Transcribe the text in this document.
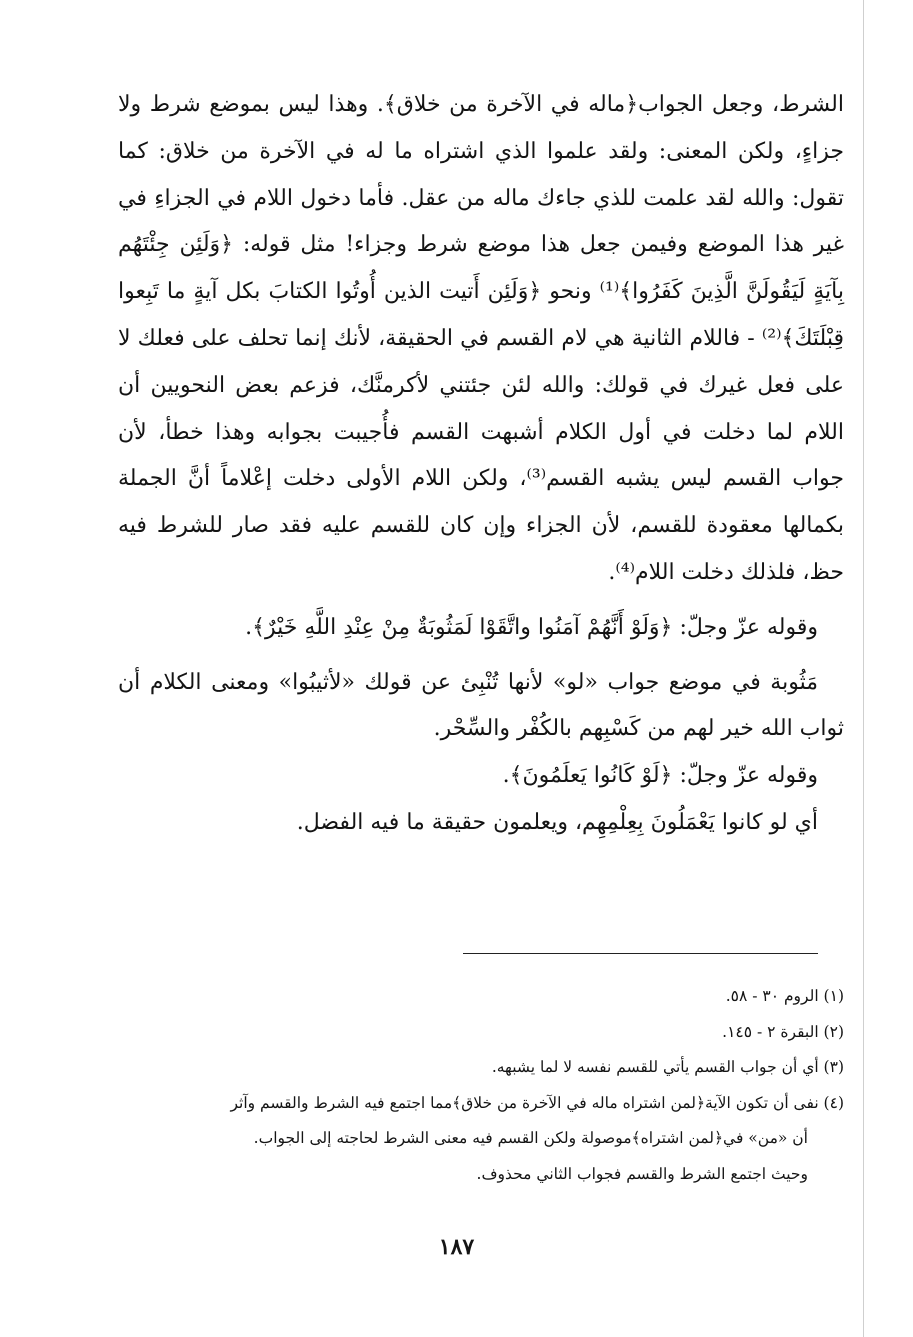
الشرط، وجعل الجواب﴿ماله في الآخرة من خلاق﴾. وهذا ليس بموضع شرط ولا جزاءٍ، ولكن المعنى: ولقد علموا الذي اشتراه ما له في الآخرة من خلاق: كما تقول: والله لقد علمت للذي جاءك ماله من عقل. فأما دخول اللام في الجزاءِ في غير هذا الموضع وفيمن جعل هذا موضع شرط وجزاء! مثل قوله: ﴿وَلَئِن جِئْتَهُم بِآيَةٍ لَيَقُولَنَّ الَّذِينَ كَفَرُوا﴾⁽¹⁾ ونحو ﴿وَلَئِن أَتيت الذين أُوتُوا الكتابَ بكل آيةٍ ما تَبِعوا قِبْلَتَكَ﴾⁽²⁾ - فاللام الثانية هي لام القسم في الحقيقة، لأنك إنما تحلف على فعلك لا على فعل غيرك في قولك: والله لئن جئتني لأكرمنَّك، فزعم بعض النحويين أن اللام لما دخلت في أول الكلام أشبهت القسم فأُجيبت بجوابه وهذا خطأ، لأن جواب القسم ليس يشبه القسم⁽³⁾، ولكن اللام الأولى دخلت إعْلاماً أنَّ الجملة بكمالها معقودة للقسم، لأن الجزاء وإن كان للقسم عليه فقد صار للشرط فيه حظ، فلذلك دخلت اللام⁽⁴⁾.

وقوله عزّ وجلّ: ﴿وَلَوْ أَنَّهُمْ آمَنُوا واتَّقَوْا لَمَثُوبَةٌ مِنْ عِنْدِ اللَّهِ خَيْرٌ﴾.

مَثُوبة في موضع جواب «لو» لأنها تُنْبِئ عن قولك «لأثيبُوا» ومعنى الكلام أن ثواب الله خير لهم من كَسْبِهم بالكُفْر والسِّحْر.

وقوله عزّ وجلّ: ﴿لَوْ كَانُوا يَعلَمُونَ﴾.

أي لو كانوا يَعْمَلُونَ بِعِلْمِهِم، ويعلمون حقيقة ما فيه الفضل.

(١) الروم ٣٠ - ٥٨.

(٢) البقرة ٢ - ١٤٥.

(٣) أي أن جواب القسم يأتي للقسم نفسه لا لما يشبهه.

(٤) نفى أن تكون الآية﴿لمن اشتراه ماله في الآخرة من خلاق﴾مما اجتمع فيه الشرط والقسم وآثر

أن «من» في﴿لمن اشتراه﴾موصولة ولكن القسم فيه معنى الشرط لحاجته إلى الجواب.

وحيث اجتمع الشرط والقسم فجواب الثاني محذوف.

١٨٧
